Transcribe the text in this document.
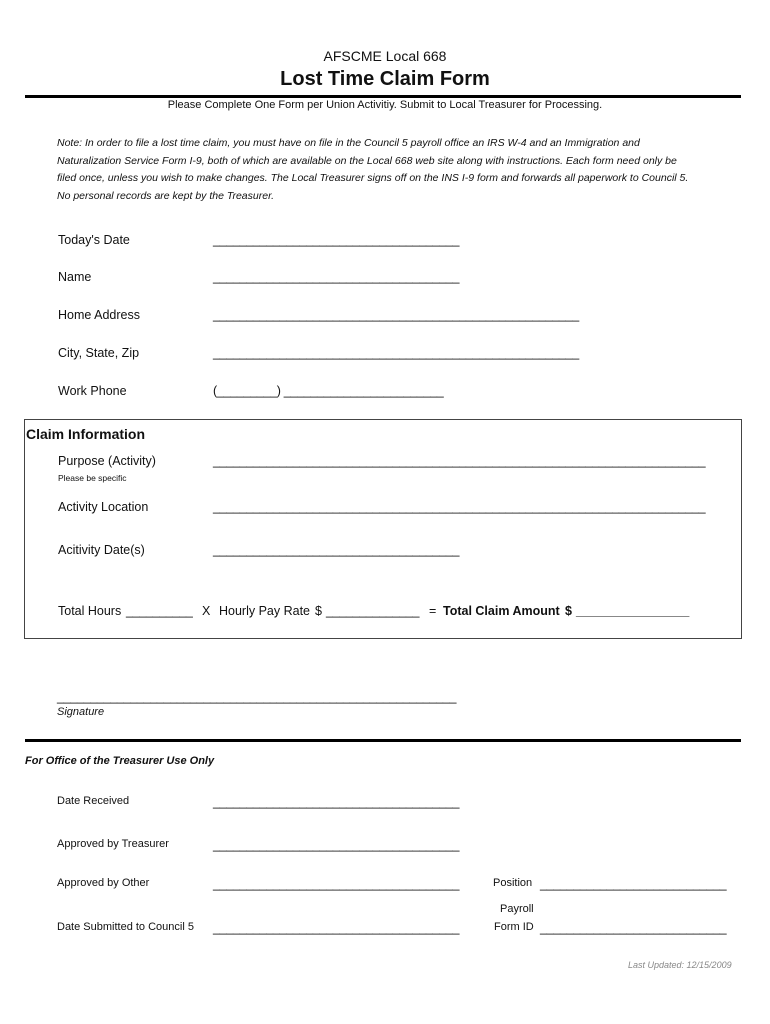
AFSCME Local 668
Lost Time Claim Form
Please Complete One Form per Union Activitiy. Submit to Local Treasurer for Processing.
Note: In order to file a lost time claim, you must have on file in the Council 5 payroll office an IRS W-4 and an Immigration and Naturalization Service Form I-9, both of which are available on the Local 668 web site along with instructions. Each form need only be filed once, unless you wish to make changes. The Local Treasurer signs off on the INS I-9 form and forwards all paperwork to Council 5. No personal records are kept by the Treasurer.
Today's Date	_____________________________________
Name	_____________________________________
Home Address	_______________________________________________________
City, State, Zip	_______________________________________________________
Work Phone	(_________) ________________________
Claim Information
Purpose (Activity)
Please be specific
__________________________________________________________________________
Activity Location	__________________________________________________________________________
Acitivity Date(s)	_____________________________________
Total Hours __________ X Hourly Pay Rate $ ______________ = Total Claim Amount $ _________________
____________________________________________________________
Signature
For Office of the Treasurer Use Only
Date Received	_____________________________________
Approved by Treasurer	_____________________________________
Approved by Other	_____________________________________	Position ____________________________
Payroll
Date Submitted to Council 5 _____________________________________	Form ID ____________________________
Last Updated: 12/15/2009
